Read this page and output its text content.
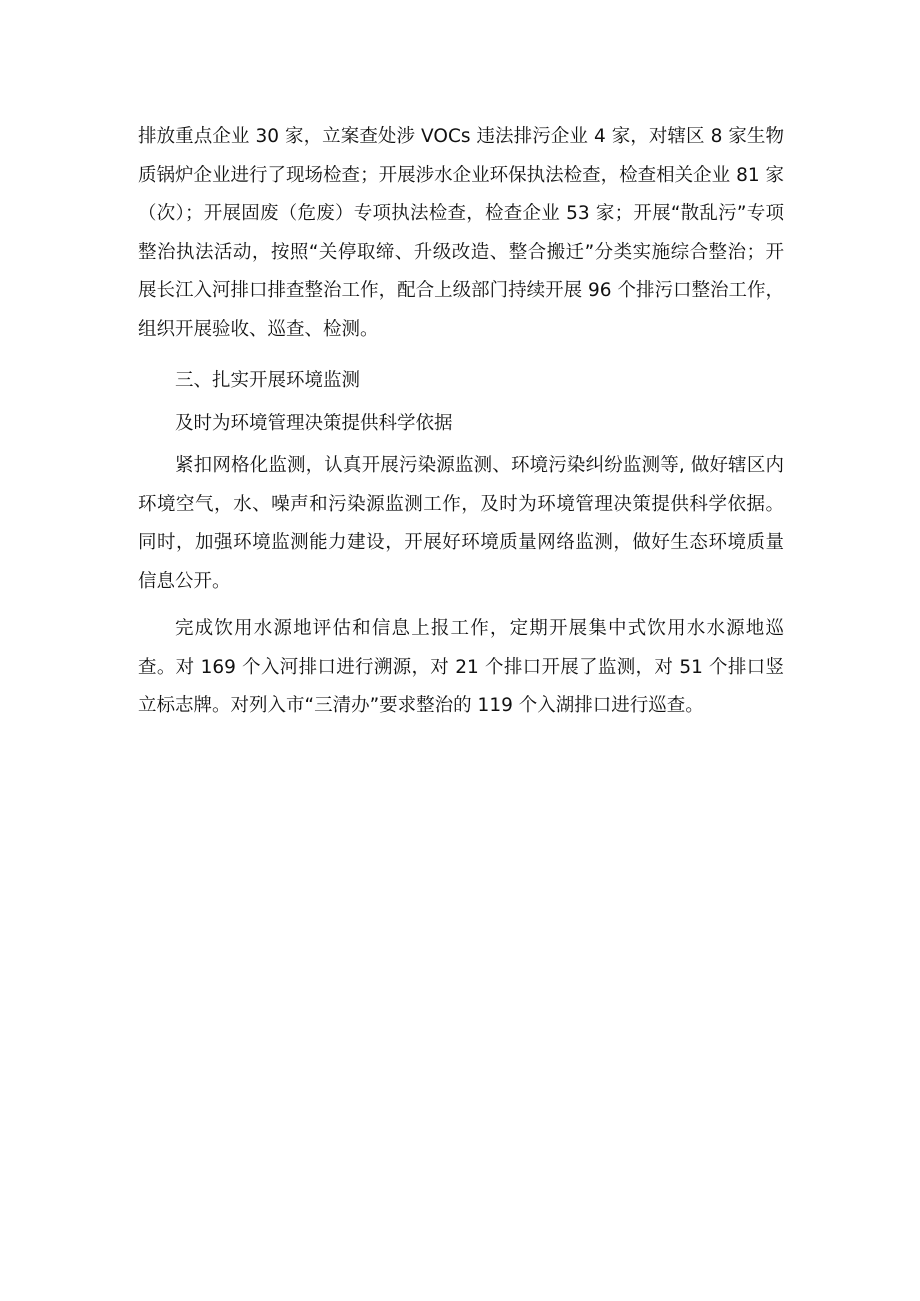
排放重点企业 30 家，立案查处涉 VOCs 违法排污企业 4 家，对辖区 8 家生物质锅炉企业进行了现场检查；开展涉水企业环保执法检查，检查相关企业 81 家（次）；开展固废（危废）专项执法检查，检查企业 53 家；开展“散乱污”专项整治执法活动，按照“关停取缔、升级改造、整合搬迁”分类实施综合整治；开展长江入河排口排查整治工作，配合上级部门持续开展 96 个排污口整治工作，组织开展验收、巡查、检测。

三、扎实开展环境监测

及时为环境管理决策提供科学依据

紧扣网格化监测，认真开展污染源监测、环境污染纠纷监测等, 做好辖区内环境空气，水、噪声和污染源监测工作，及时为环境管理决策提供科学依据。同时，加强环境监测能力建设，开展好环境质量网络监测，做好生态环境质量信息公开。

完成饮用水源地评估和信息上报工作，定期开展集中式饮用水水源地巡查。对 169 个入河排口进行溯源，对 21 个排口开展了监测，对 51 个排口竖立标志牌。对列入市“三清办”要求整治的 119 个入湖排口进行巡查。
